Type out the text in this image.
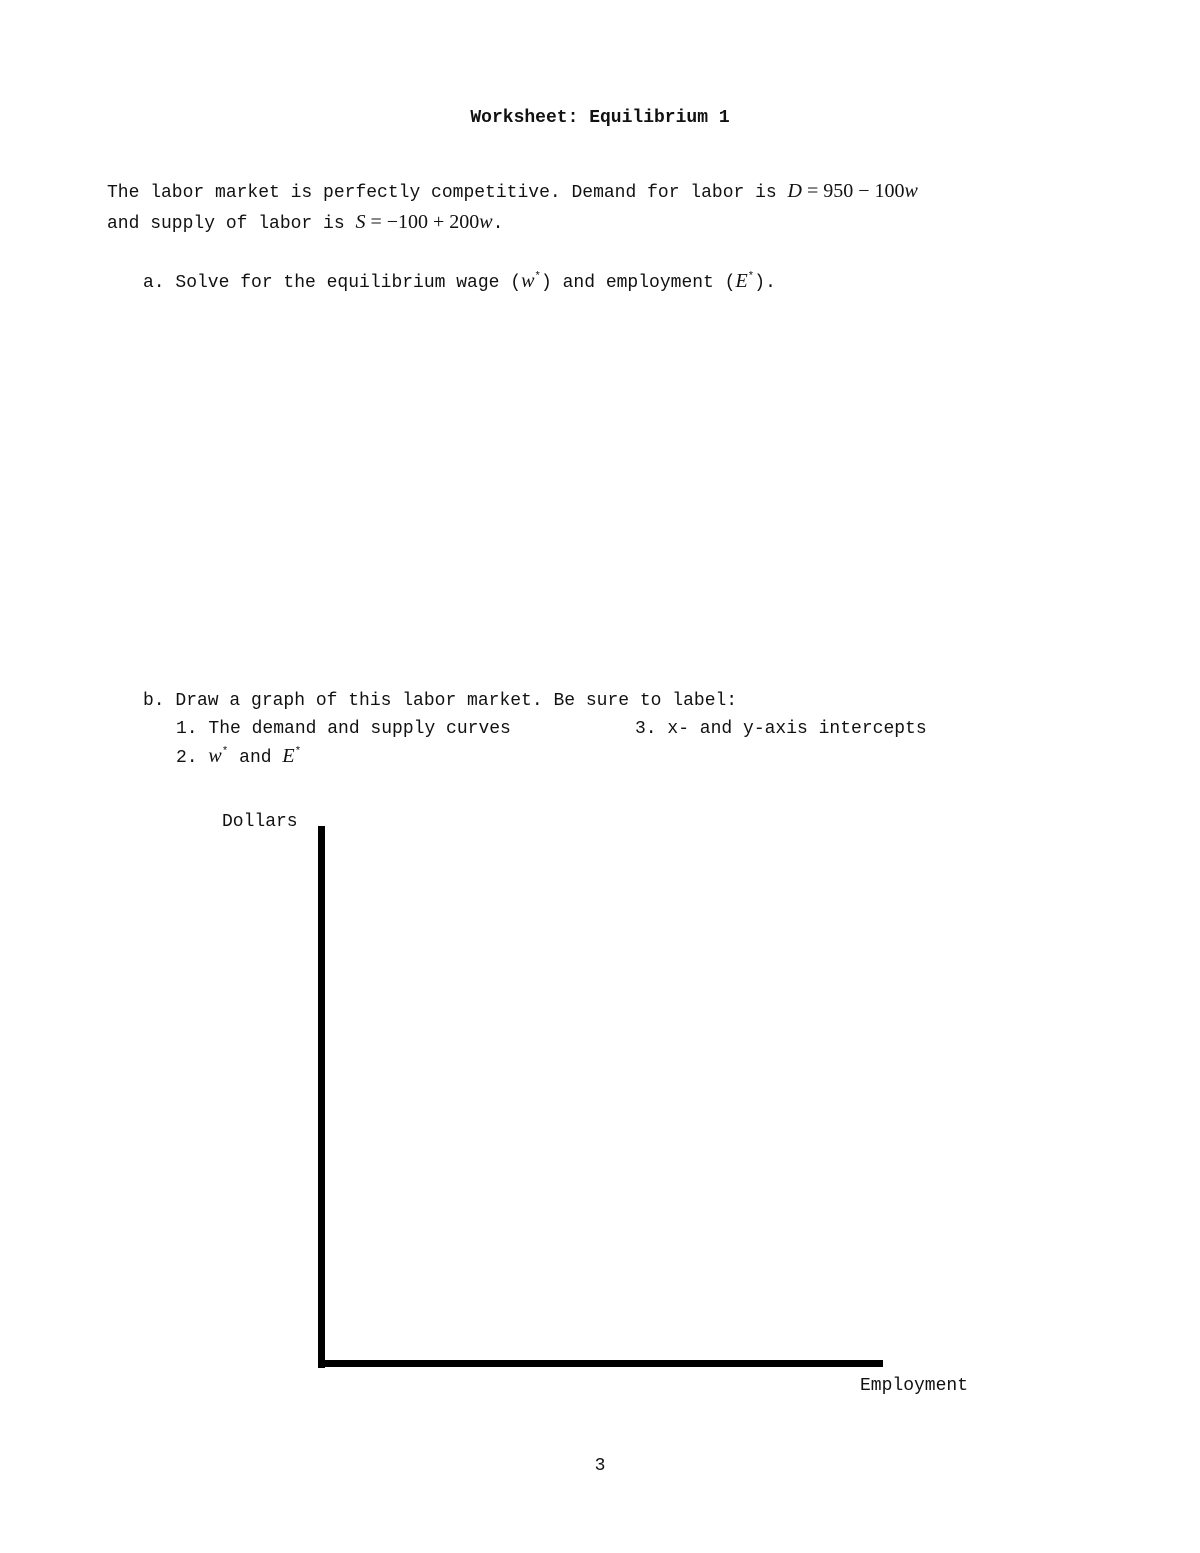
Worksheet: Equilibrium 1
The labor market is perfectly competitive. Demand for labor is D = 950 − 100w
and supply of labor is S = −100 + 200w.
a. Solve for the equilibrium wage (w*) and employment (E*).
b. Draw a graph of this labor market. Be sure to label:
1. The demand and supply curves	3. x- and y-axis intercepts
2. w* and E*
Dollars
Employment
3
